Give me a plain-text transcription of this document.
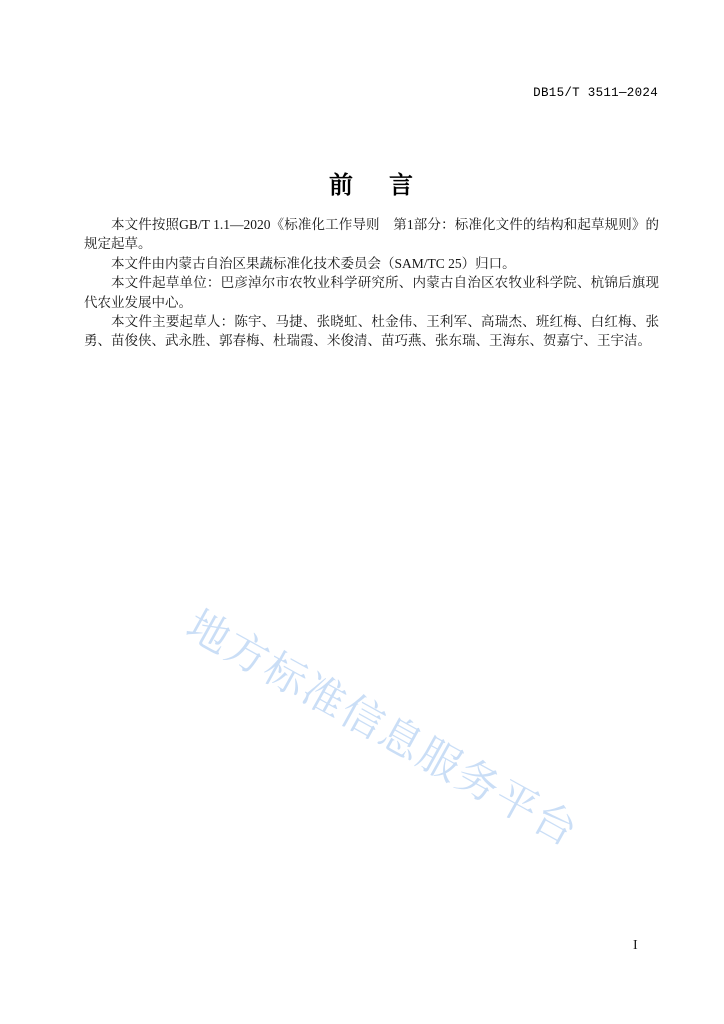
DB15/T 3511—2024
前　言

本文件按照GB/T 1.1—2020《标准化工作导则　第1部分：标准化文件的结构和起草规则》的规定起草。

本文件由内蒙古自治区果蔬标准化技术委员会（SAM/TC 25）归口。

本文件起草单位：巴彦淖尔市农牧业科学研究所、内蒙古自治区农牧业科学院、杭锦后旗现代农业发展中心。

本文件主要起草人：陈宇、马捷、张晓虹、杜金伟、王利军、高瑞杰、班红梅、白红梅、张勇、苗俊侠、武永胜、郭春梅、杜瑞霞、米俊清、苗巧燕、张东瑞、王海东、贺嘉宁、王宇洁。

地方标准信息服务平台
I
